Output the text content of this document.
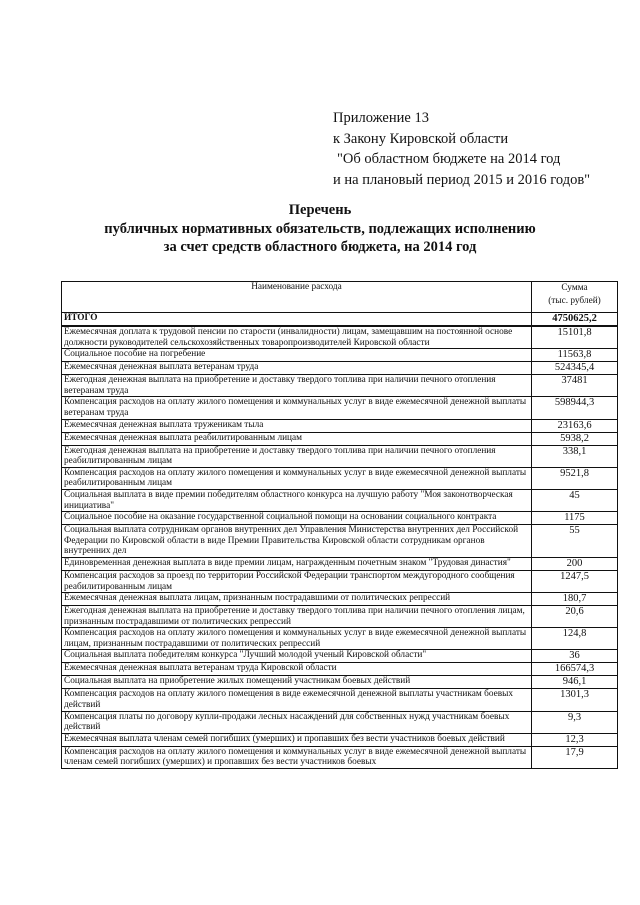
Приложение 13
к Закону Кировской области
"Об областном бюджете на 2014 год
и на плановый период 2015 и 2016 годов"
Перечень
публичных нормативных обязательств, подлежащих исполнению
за счет средств областного бюджета, на 2014 год
Наименование расхода	Сумма
(тыс. рублей)

ИТОГО	4750625,2
Ежемесячная доплата к трудовой пенсии по старости (инвалидности) лицам, замещавшим на постоянной основе должности руководителей сельскохозяйственных товаропроизводителей Кировской области	15101,8
Социальное пособие на погребение	11563,8
Ежемесячная денежная выплата ветеранам труда	524345,4
Ежегодная денежная выплата на приобретение и доставку твердого топлива при наличии печного отопления ветеранам труда	37481
Компенсация расходов на оплату жилого помещения и коммунальных услуг в виде ежемесячной денежной выплаты ветеранам труда	598944,3
Ежемесячная денежная выплата труженикам тыла	23163,6
Ежемесячная денежная выплата реабилитированным лицам	5938,2
Ежегодная денежная выплата на приобретение и доставку твердого топлива при наличии печного отопления реабилитированным лицам	338,1
Компенсация расходов на оплату жилого помещения и коммунальных услуг в виде ежемесячной денежной выплаты реабилитированным лицам	9521,8
Социальная выплата в виде премии победителям областного конкурса на лучшую работу "Моя законотворческая инициатива"	45
Социальное пособие на оказание государственной социальной помощи на основании социального контракта	1175
Социальная выплата сотрудникам органов внутренних дел Управления Министерства внутренних дел Российской Федерации по Кировской области в виде Премии Правительства Кировской области сотрудникам органов внутренних дел	55
Единовременная денежная выплата в виде премии лицам, награжденным почетным знаком "Трудовая династия"	200
Компенсация расходов за проезд по территории Российской Федерации транспортом междугородного сообщения реабилитированным лицам	1247,5
Ежемесячная денежная выплата лицам, признанным пострадавшими от политических репрессий	180,7
Ежегодная денежная выплата на приобретение и доставку твердого топлива при наличии печного отопления лицам, признанным пострадавшими от политических репрессий	20,6
Компенсация расходов на оплату жилого помещения и коммунальных услуг в виде ежемесячной денежной выплаты лицам, признанным пострадавшими от политических репрессий	124,8
Социальная выплата победителям конкурса "Лучший молодой ученый Кировской области"	36
Ежемесячная денежная выплата ветеранам труда Кировской области	166574,3
Социальная выплата на приобретение жилых помещений участникам боевых действий	946,1
Компенсация расходов на оплату жилого помещения в виде ежемесячной денежной выплаты участникам боевых действий	1301,3
Компенсация платы по договору купли-продажи лесных насаждений для собственных нужд участникам боевых действий	9,3
Ежемесячная выплата членам семей погибших (умерших) и пропавших без вести участников боевых действий	12,3
Компенсация расходов на оплату жилого помещения и коммунальных услуг в виде ежемесячной денежной выплаты членам семей погибших (умерших) и пропавших без вести участников боевых	17,9
